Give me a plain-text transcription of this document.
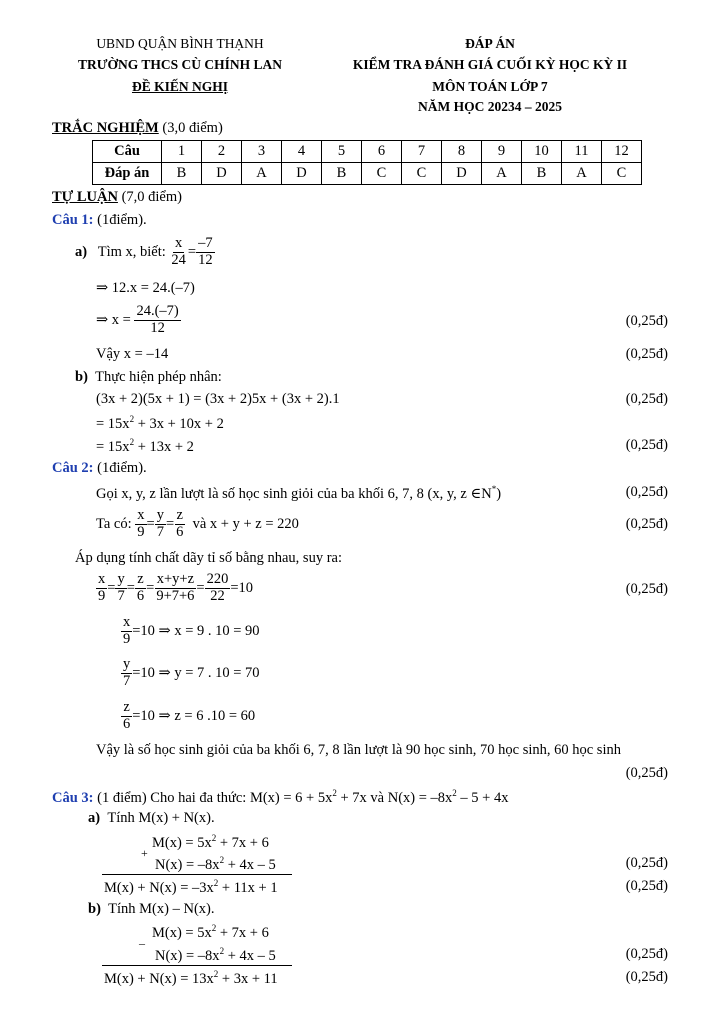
UBND QUẬN BÌNH THẠNH
TRƯỜNG THCS CÙ CHÍNH LAN
ĐỀ KIẾN NGHỊ
ĐÁP ÁN
KIỂM TRA ĐÁNH GIÁ CUỐI KỲ HỌC KỲ II
MÔN TOÁN LỚP 7
NĂM HỌC 20234 – 2025
TRẮC NGHIỆM (3,0 điểm)
Câu	1	2	3	4	5	6	7	8	9	10	11	12
Đáp án	B	D	A	D	B	C	C	D	A	B	A	C
TỰ LUẬN (7,0 điểm)
Câu 1: (1điểm).
a) Tìm x, biết: $\frac{x}{24} = \frac{-7}{12}$
⇒ 12.x = 24.(–7)
⇒ $x = \frac{24.(-7)}{12}$	(0,25đ)
Vậy x = –14	(0,25đ)
b) Thực hiện phép nhân:
(3x + 2)(5x + 1) = (3x + 2)5x + (3x + 2).1	(0,25đ)
= $15x^2 + 3x + 10x + 2$
= $15x^2 + 13x + 2$	(0,25đ)
Câu 2: (1điểm).
Gọi x, y, z lần lượt là số học sinh giỏi của ba khối 6, 7, 8 (x, y, z ∈N*)	(0,25đ)
Ta có: $\frac{x}{9} = \frac{y}{7} = \frac{z}{6}$ và x + y + z = 220	(0,25đ)
Áp dụng tính chất dãy tỉ số bằng nhau, suy ra:
$\frac{x}{9} = \frac{y}{7} = \frac{z}{6} = \frac{x+y+z}{9+7+6} = \frac{220}{22} =10$	(0,25đ)
$\frac{x}{9} =10$ ⇒ x = 9 . 10 = 90
$\frac{y}{7} =10$ ⇒ y = 7 . 10 = 70
$\frac{z}{6} =10$ ⇒ z = 6 .10 = 60
Vậy là số học sinh giỏi của ba khối 6, 7, 8 lần lượt là 90 học sinh, 70 học sinh, 60 học sinh
(0,25đ)
Câu 3: (1 điểm) Cho hai đa thức: $M(x) = 6 + 5x^2 + 7x$ và $N(x) = -8x^2 - 5 + 4x$
a) Tính M(x) + N(x).
$M(x) = 5x^2 + 7x + 6$
+
$N(x) = -8x^2 + 4x - 5$	(0,25đ)
$M(x) + N(x) = -3x^2 + 11x + 1$	(0,25đ)
b) Tính M(x) – N(x).
$M(x) = 5x^2 + 7x + 6$
–
$N(x) = -8x^2 + 4x - 5$	(0,25đ)
$M(x) + N(x) = 13x^2 + 3x + 11$	(0,25đ)
